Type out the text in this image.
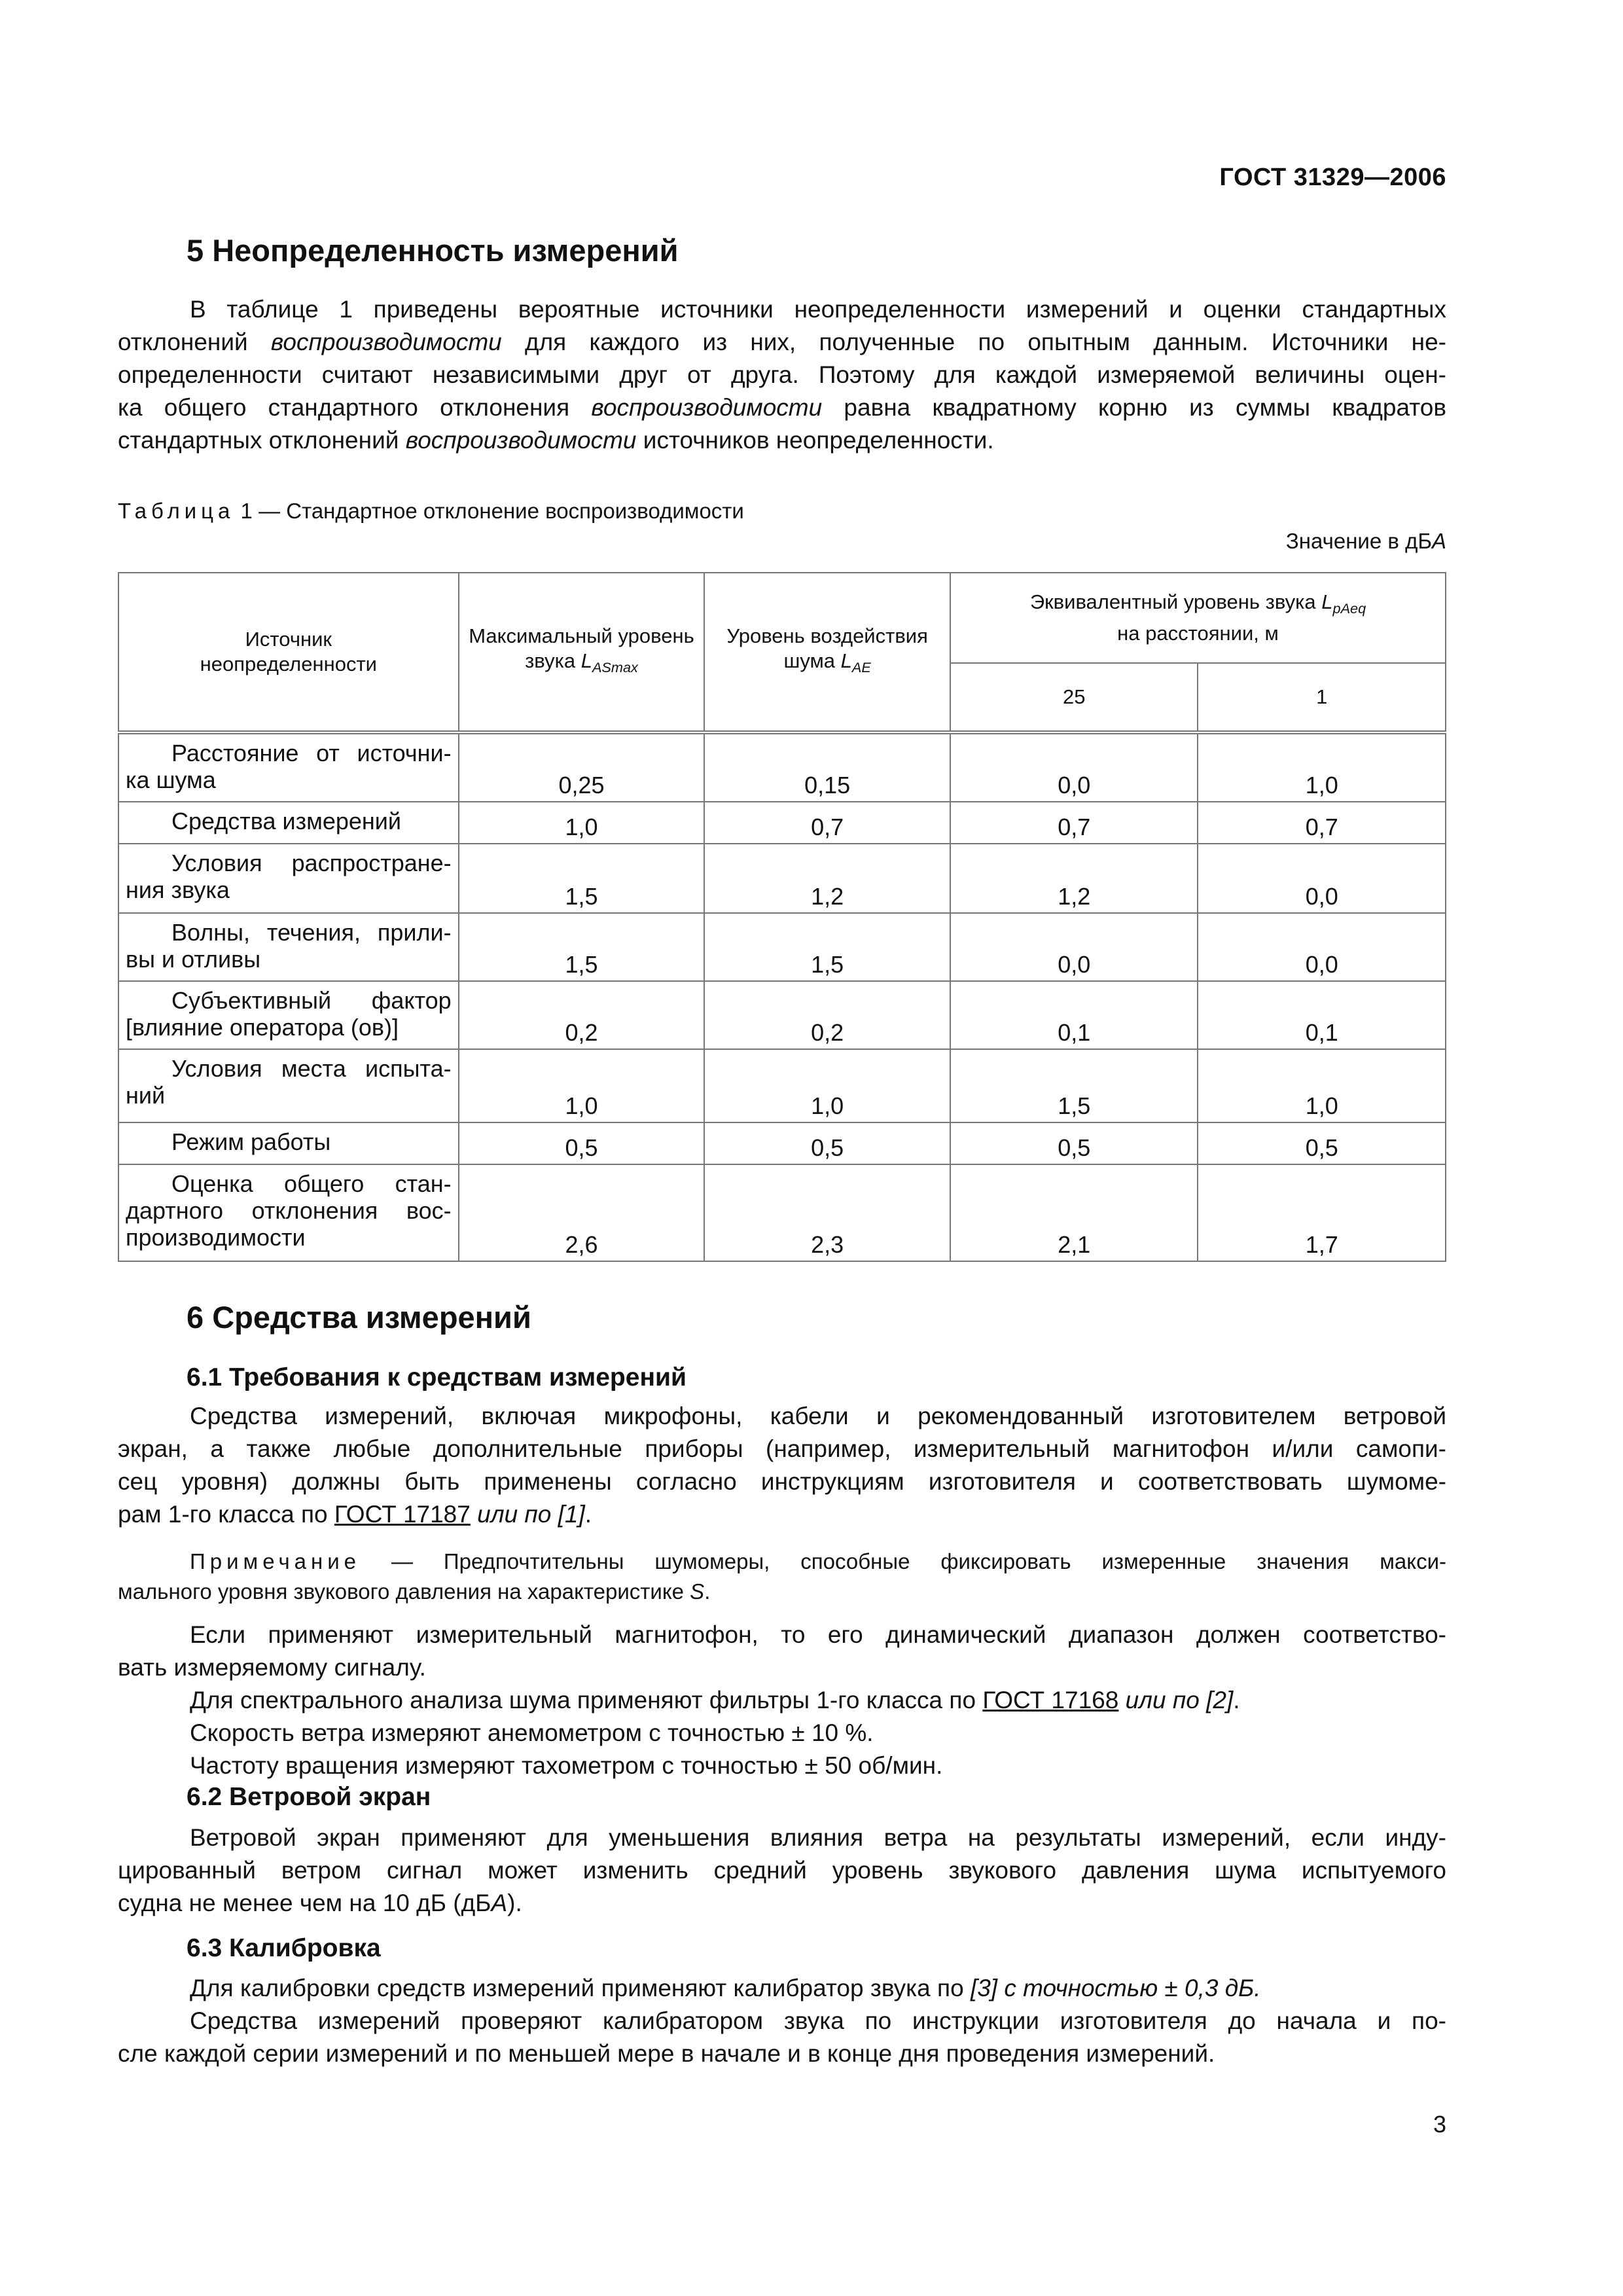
ГОСТ 31329—2006
5 Неопределенность измерений
В таблице 1 приведены вероятные источники неопределенности измерений и оценки стандартных
отклонений воспроизводимости для каждого из них, полученные по опытным данным. Источники не-
определенности считают независимыми друг от друга. Поэтому для каждой измеряемой величины оцен-
ка общего стандартного отклонения воспроизводимости равна квадратному корню из суммы квадратов
стандартных отклонений воспроизводимости источников неопределенности.
Таблица 1 — Стандартное отклонение воспроизводимости
Значение в дБА
Источник
неопределенности	Максимальный уровень звука $L_{ASmax}$	Уровень воздействия шума $L_{AE}$	Эквивалентный уровень звука $L_{pAeq}$
на расстоянии, м	
			25	1

Расстояние от источни-
ка шума	0,25	0,15	0,0	1,0

Средства измерений	1,0	0,7	0,7	0,7

Условия распростране-
ния звука	1,5	1,2	1,2	0,0

Волны, течения, прили-
вы и отливы	1,5	1,5	0,0	0,0

Субъективный фактор
[влияние оператора (ов)]	0,2	0,2	0,1	0,1

Условия места испыта-
ний	1,0	1,0	1,5	1,0

Режим работы	0,5	0,5	0,5	0,5

Оценка общего стан-
дартного отклонения вос-
производимости	2,6	2,3	2,1	1,7
6 Средства измерений
6.1 Требования к средствам измерений
Средства измерений, включая микрофоны, кабели и рекомендованный изготовителем ветровой
экран, а также любые дополнительные приборы (например, измерительный магнитофон и/или самопи-
сец уровня) должны быть применены согласно инструкциям изготовителя и соответствовать шумоме-
рам 1-го класса по ГОСТ 17187 или по [1].
Примечание — Предпочтительны шумомеры, способные фиксировать измеренные значения макси-
мального уровня звукового давления на характеристике S.
Если применяют измерительный магнитофон, то его динамический диапазон должен соответство-
вать измеряемому сигналу.
Для спектрального анализа шума применяют фильтры 1-го класса по ГОСТ 17168 или по [2].
Скорость ветра измеряют анемометром с точностью ± 10 %.
Частоту вращения измеряют тахометром с точностью ± 50 об/мин.
6.2 Ветровой экран
Ветровой экран применяют для уменьшения влияния ветра на результаты измерений, если инду-
цированный ветром сигнал может изменить средний уровень звукового давления шума испытуемого
судна не менее чем на 10 дБ (дБА).
6.3 Калибровка
Для калибровки средств измерений применяют калибратор звука по [3] с точностью ± 0,3 дБ.
Средства измерений проверяют калибратором звука по инструкции изготовителя до начала и по-
сле каждой серии измерений и по меньшей мере в начале и в конце дня проведения измерений.
3
